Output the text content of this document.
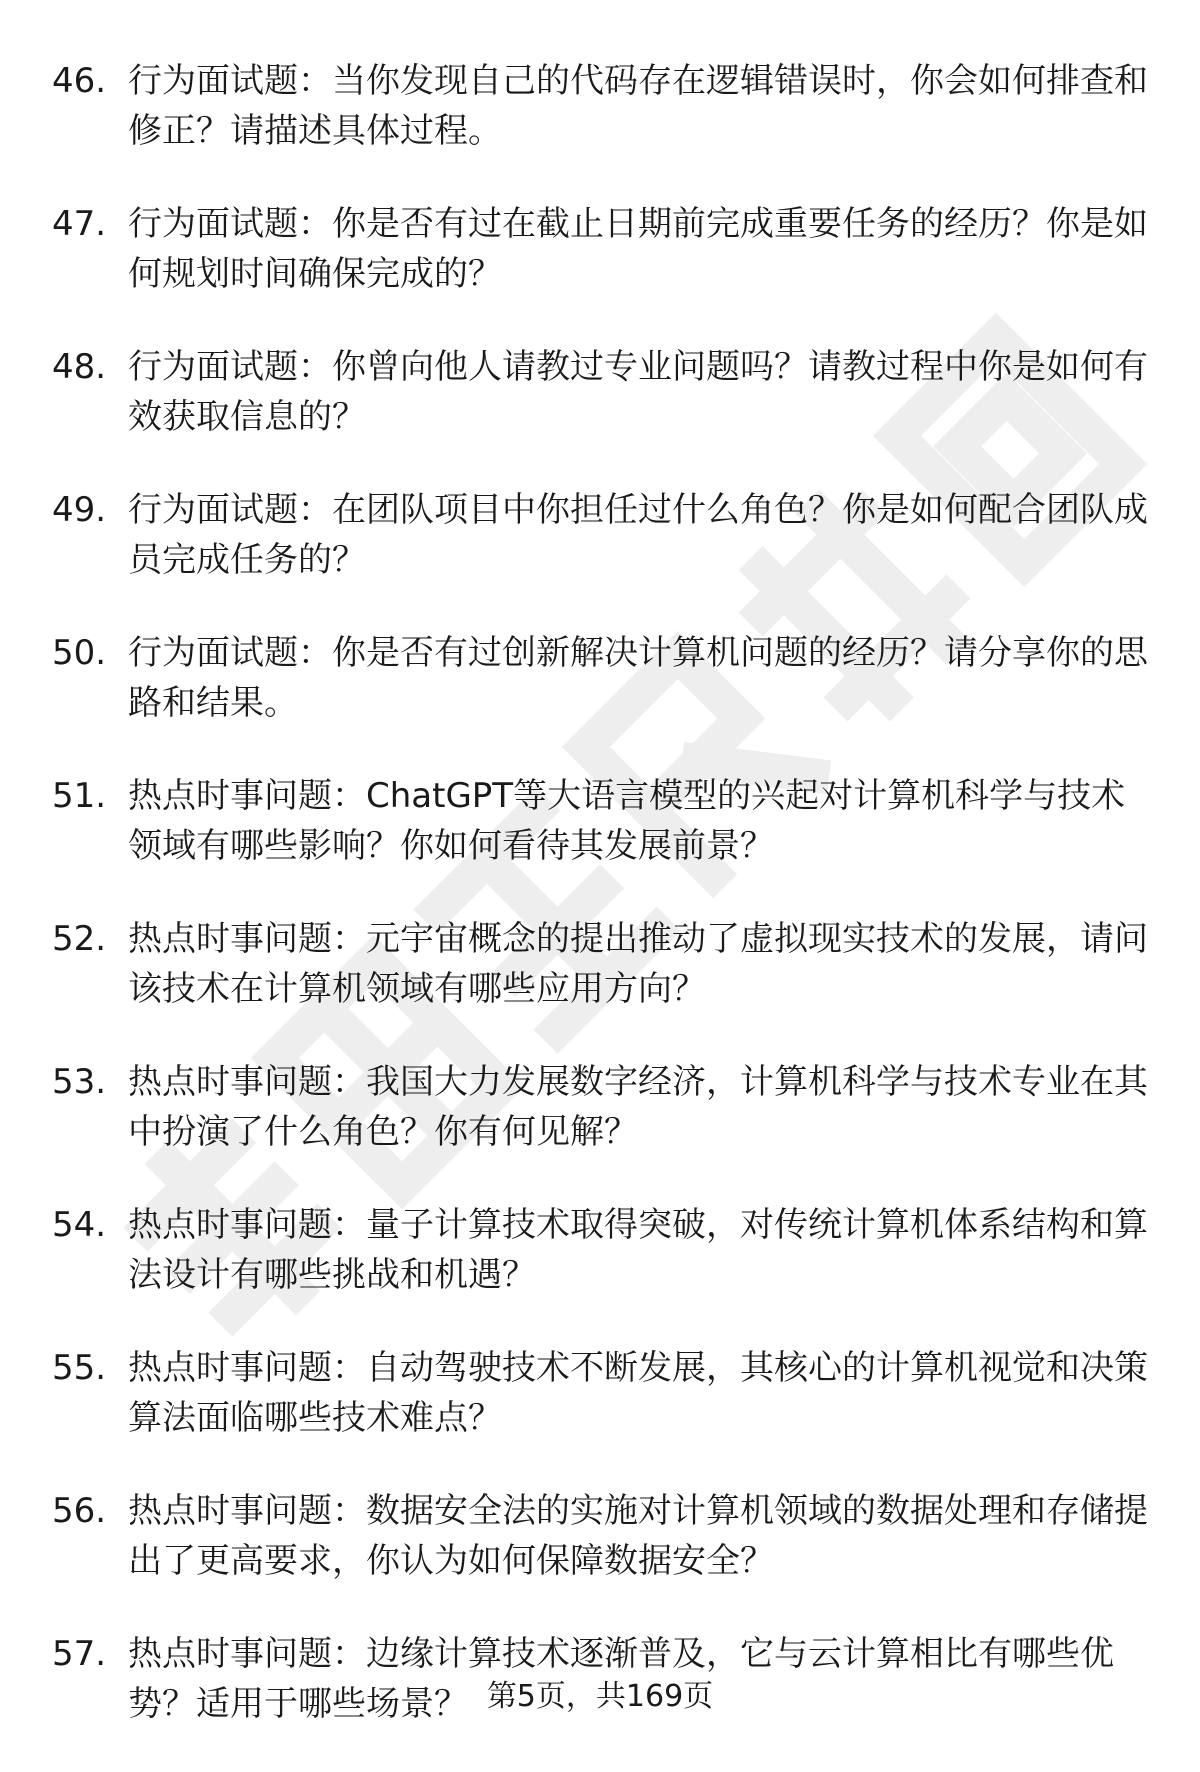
46. 行为面试题：当你发现自己的代码存在逻辑错误时，你会如何排查和修正？请描述具体过程。
47. 行为面试题：你是否有过在截止日期前完成重要任务的经历？你是如何规划时间确保完成的？
48. 行为面试题：你曾向他人请教过专业问题吗？请教过程中你是如何有效获取信息的？
49. 行为面试题：在团队项目中你担任过什么角色？你是如何配合团队成员完成任务的？
50. 行为面试题：你是否有过创新解决计算机问题的经历？请分享你的思路和结果。
51. 热点时事问题：ChatGPT等大语言模型的兴起对计算机科学与技术领域有哪些影响？你如何看待其发展前景？
52. 热点时事问题：元宇宙概念的提出推动了虚拟现实技术的发展，请问该技术在计算机领域有哪些应用方向？
53. 热点时事问题：我国大力发展数字经济，计算机科学与技术专业在其中扮演了什么角色？你有何见解？
54. 热点时事问题：量子计算技术取得突破，对传统计算机体系结构和算法设计有哪些挑战和机遇？
55. 热点时事问题：自动驾驶技术不断发展，其核心的计算机视觉和决策算法面临哪些技术难点？
56. 热点时事问题：数据安全法的实施对计算机领域的数据处理和存储提出了更高要求，你认为如何保障数据安全？
57. 热点时事问题：边缘计算技术逐渐普及，它与云计算相比有哪些优势？适用于哪些场景？ 第5页，共169页
